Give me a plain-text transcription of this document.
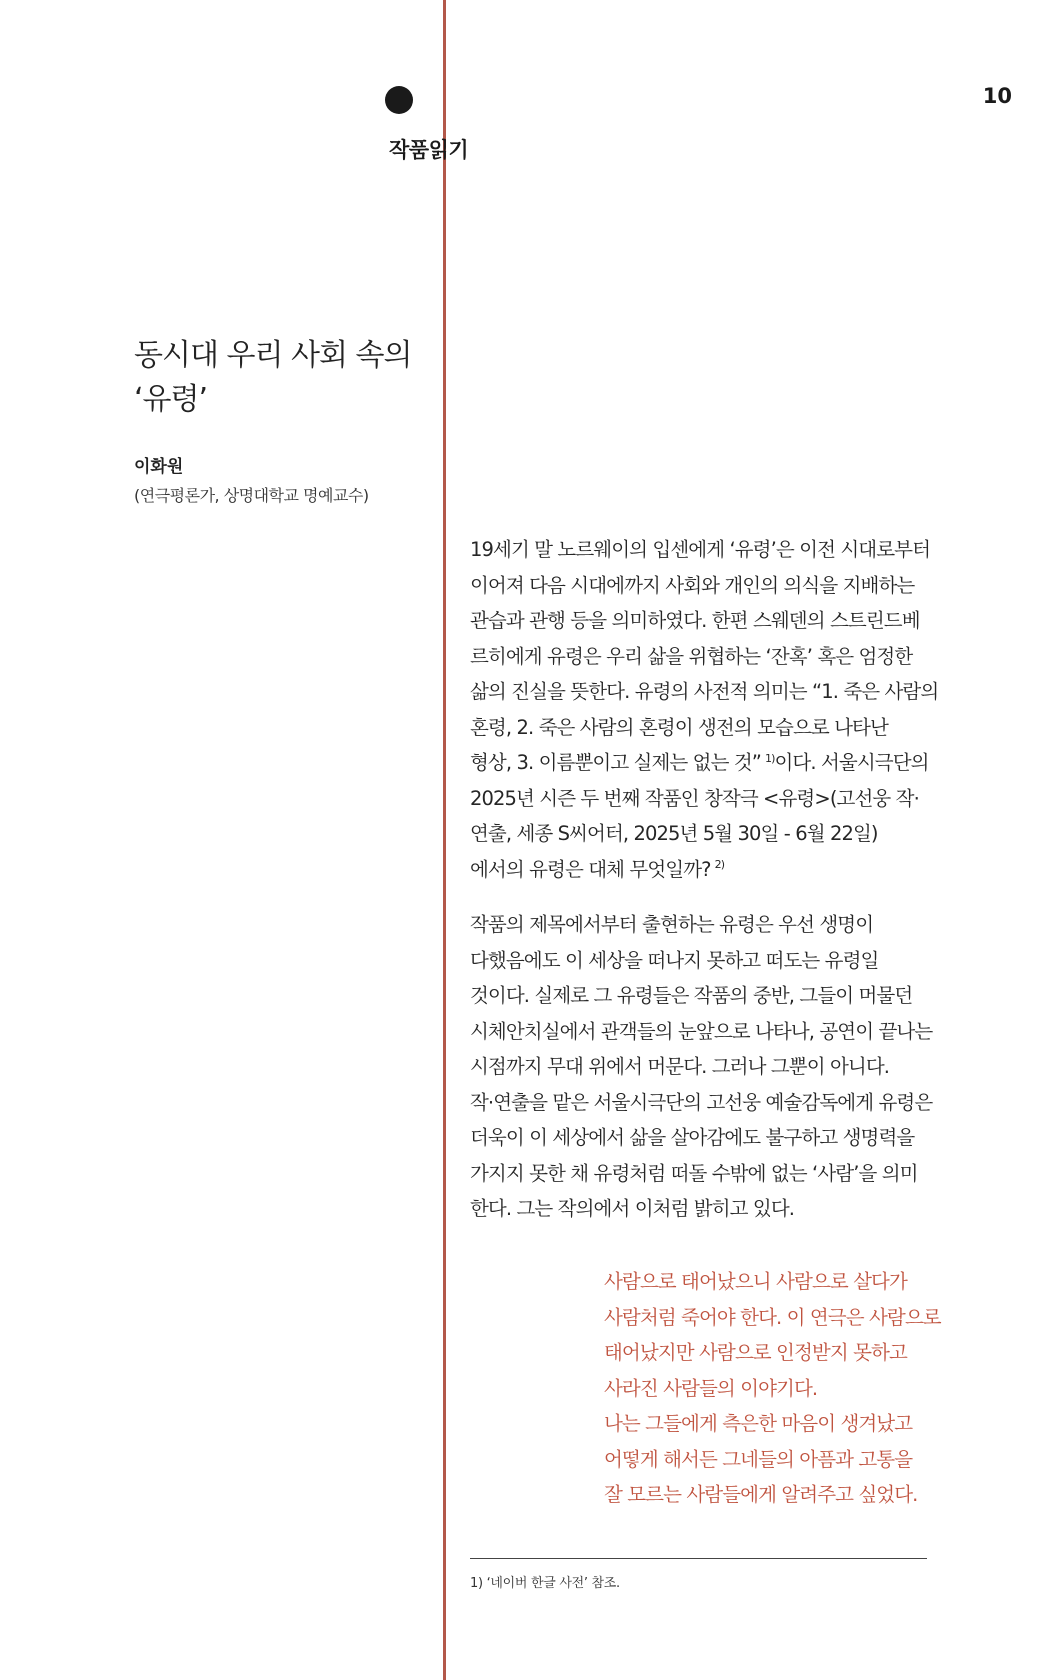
작품읽기
10
동시대 우리 사회 속의
‘유령’
이화원
(연극평론가, 상명대학교 명예교수)

19세기 말 노르웨이의 입센에게 ‘유령’은 이전 시대로부터
이어져 다음 시대에까지 사회와 개인의 의식을 지배하는
관습과 관행 등을 의미하였다. 한편 스웨덴의 스트린드베
르히에게 유령은 우리 삶을 위협하는 ‘잔혹’ 혹은 엄정한
삶의 진실을 뜻한다. 유령의 사전적 의미는 “1. 죽은 사람의
혼령, 2. 죽은 사람의 혼령이 생전의 모습으로 나타난
형상, 3. 이름뿐이고 실제는 없는 것” $^{1)}$이다. 서울시극단의
2025년 시즌 두 번째 작품인 창작극 <유령>(고선웅 작·
연출, 세종 S씨어터, 2025년 5월 30일 - 6월 22일)
에서의 유령은 대체 무엇일까? $^{2)}$

작품의 제목에서부터 출현하는 유령은 우선 생명이
다했음에도 이 세상을 떠나지 못하고 떠도는 유령일
것이다. 실제로 그 유령들은 작품의 중반, 그들이 머물던
시체안치실에서 관객들의 눈앞으로 나타나, 공연이 끝나는
시점까지 무대 위에서 머문다. 그러나 그뿐이 아니다.
작·연출을 맡은 서울시극단의 고선웅 예술감독에게 유령은
더욱이 이 세상에서 삶을 살아감에도 불구하고 생명력을
가지지 못한 채 유령처럼 떠돌 수밖에 없는 ‘사람’을 의미
한다. 그는 작의에서 이처럼 밝히고 있다.

사람으로 태어났으니 사람으로 살다가
사람처럼 죽어야 한다. 이 연극은 사람으로
태어났지만 사람으로 인정받지 못하고
사라진 사람들의 이야기다.
나는 그들에게 측은한 마음이 생겨났고
어떻게 해서든 그네들의 아픔과 고통을
잘 모르는 사람들에게 알려주고 싶었다.
1) ‘네이버 한글 사전’ 참조.
